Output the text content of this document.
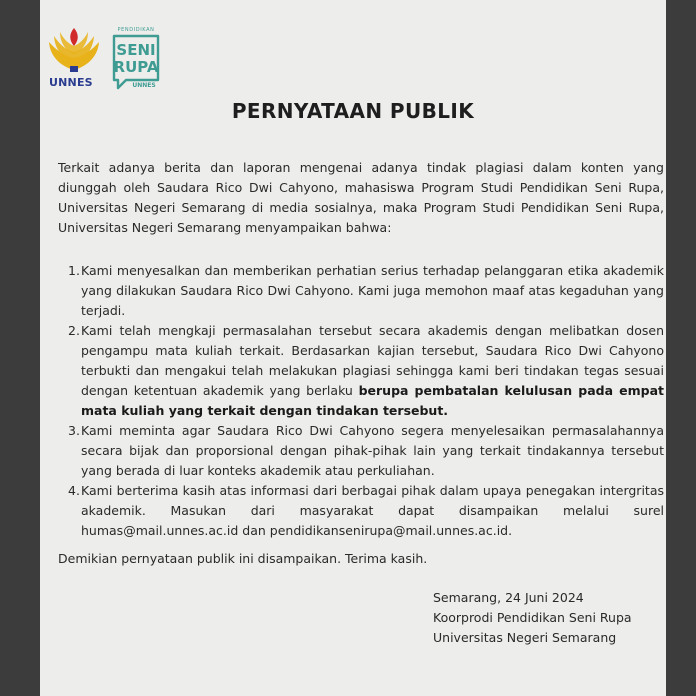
UNNES
PENDIDIKAN
SENI
RUPA
UNNES
PERNYATAAN PUBLIK
Terkait adanya berita dan laporan mengenai adanya tindak plagiasi dalam konten yang diunggah oleh Saudara Rico Dwi Cahyono, mahasiswa Program Studi Pendidikan Seni Rupa, Universitas Negeri Semarang di media sosialnya, maka Program Studi Pendidikan Seni Rupa, Universitas Negeri Semarang menyampaikan bahwa:
1. Kami menyesalkan dan memberikan perhatian serius terhadap pelanggaran etika akademik yang dilakukan Saudara Rico Dwi Cahyono. Kami juga memohon maaf atas kegaduhan yang terjadi.
2. Kami telah mengkaji permasalahan tersebut secara akademis dengan melibatkan dosen pengampu mata kuliah terkait. Berdasarkan kajian tersebut, Saudara Rico Dwi Cahyono terbukti dan mengakui telah melakukan plagiasi sehingga kami beri tindakan tegas sesuai dengan ketentuan akademik yang berlaku berupa pembatalan kelulusan pada empat mata kuliah yang terkait dengan tindakan tersebut.
3. Kami meminta agar Saudara Rico Dwi Cahyono segera menyelesaikan permasalahannya secara bijak dan proporsional dengan pihak-pihak lain yang terkait tindakannya tersebut yang berada di luar konteks akademik atau perkuliahan.
4. Kami berterima kasih atas informasi dari berbagai pihak dalam upaya penegakan intergritas akademik. Masukan dari masyarakat dapat disampaikan melalui surel humas@mail.unnes.ac.id dan pendidikansenirupa@mail.unnes.ac.id.
Demikian pernyataan publik ini disampaikan. Terima kasih.
Semarang, 24 Juni 2024
Koorprodi Pendidikan Seni Rupa
Universitas Negeri Semarang
